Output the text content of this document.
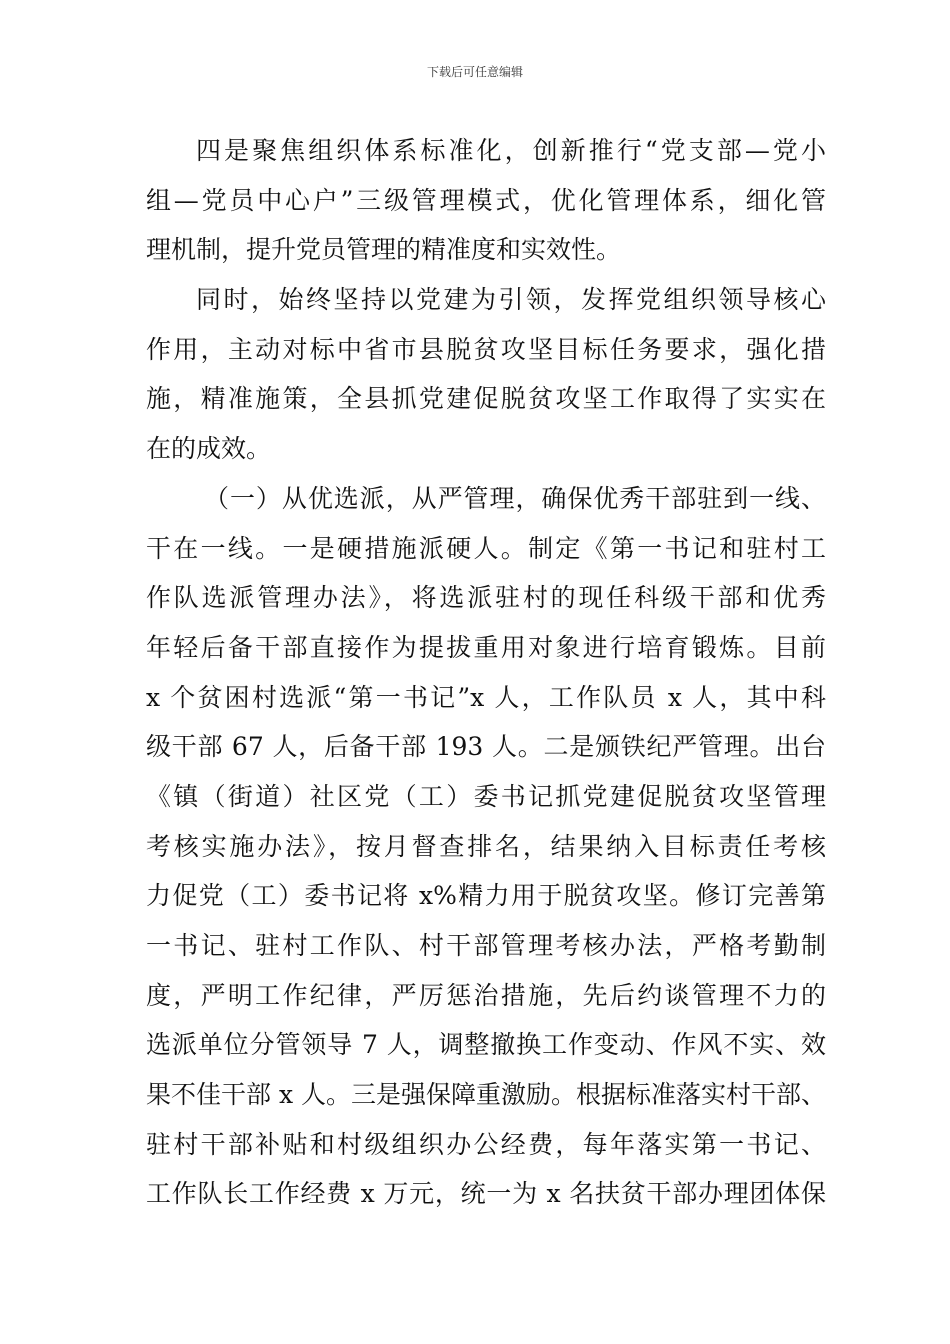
下载后可任意编辑
四是聚焦组织体系标准化，创新推行“党支部—党小
组—党员中心户”三级管理模式，优化管理体系，细化管
理机制，提升党员管理的精准度和实效性。
同时，始终坚持以党建为引领，发挥党组织领导核心
作用，主动对标中省市县脱贫攻坚目标任务要求，强化措
施，精准施策，全县抓党建促脱贫攻坚工作取得了实实在
在的成效。
（一）从优选派，从严管理，确保优秀干部驻到一线、
干在一线。一是硬措施派硬人。制定《第一书记和驻村工
作队选派管理办法》，将选派驻村的现任科级干部和优秀
年轻后备干部直接作为提拔重用对象进行培育锻炼。目前
x 个贫困村选派“第一书记”x 人，工作队员 x 人，其中科
级干部 67 人，后备干部 193 人。二是颁铁纪严管理。出台
《镇（街道）社区党（工）委书记抓党建促脱贫攻坚管理
考核实施办法》，按月督查排名，结果纳入目标责任考核
力促党（工）委书记将 x%精力用于脱贫攻坚。修订完善第
一书记、驻村工作队、村干部管理考核办法，严格考勤制
度，严明工作纪律，严厉惩治措施，先后约谈管理不力的
选派单位分管领导 7 人，调整撤换工作变动、作风不实、效
果不佳干部 x 人。三是强保障重激励。根据标准落实村干部、
驻村干部补贴和村级组织办公经费，每年落实第一书记、
工作队长工作经费 x 万元，统一为 x 名扶贫干部办理团体保
